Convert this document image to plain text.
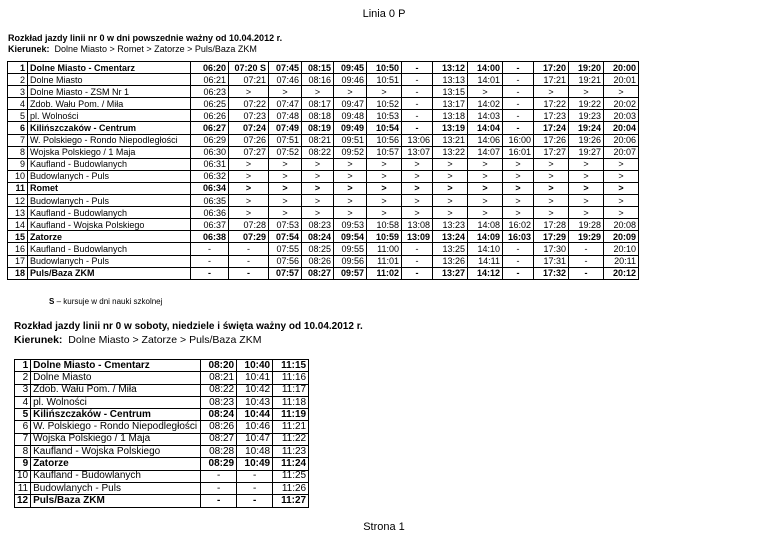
Linia 0 P
Rozkład jazdy linii nr 0 w dni powszednie ważny od 10.04.2012 r.
Kierunek: Dolne Miasto > Romet > Zatorze > Puls/Baza ZKM
1	Dolne Miasto - Cmentarz	06:20	07:20 S	07:45	08:15	09:45	10:50	-	13:12	14:00	-	17:20	19:20	20:00
2	Dolne Miasto	06:21	07:21	07:46	08:16	09:46	10:51	-	13:13	14:01	-	17:21	19:21	20:01
3	Dolne Miasto - ZSM Nr 1	06:23	>	>	>	>	>	-	13:15	>	-	>	>	>
4	Zdob. Wału Pom. / Miła	06:25	07:22	07:47	08:17	09:47	10:52	-	13:17	14:02	-	17:22	19:22	20:02
5	pl. Wolności	06:26	07:23	07:48	08:18	09:48	10:53	-	13:18	14:03	-	17:23	19:23	20:03
6	Kilińszczaków - Centrum	06:27	07:24	07:49	08:19	09:49	10:54	-	13:19	14:04	-	17:24	19:24	20:04
7	W. Polskiego - Rondo Niepodległości	06:29	07:26	07:51	08:21	09:51	10:56	13:06	13:21	14:06	16:00	17:26	19:26	20:06
8	Wojska Polskiego / 1 Maja	06:30	07:27	07:52	08:22	09:52	10:57	13:07	13:22	14:07	16:01	17:27	19:27	20:07
9	Kaufland - Budowlanych	06:31	>	>	>	>	>	>	>	>	>	>	>	>
10	Budowlanych - Puls	06:32	>	>	>	>	>	>	>	>	>	>	>	>
11	Romet	06:34	>	>	>	>	>	>	>	>	>	>	>	>
12	Budowlanych - Puls	06:35	>	>	>	>	>	>	>	>	>	>	>	>
13	Kaufland - Budowlanych	06:36	>	>	>	>	>	>	>	>	>	>	>	>
14	Kaufland - Wojska Polskiego	06:37	07:28	07:53	08:23	09:53	10:58	13:08	13:23	14:08	16:02	17:28	19:28	20:08
15	Zatorze	06:38	07:29	07:54	08:24	09:54	10:59	13:09	13:24	14:09	16:03	17:29	19:29	20:09
16	Kaufland - Budowlanych	-	-	07:55	08:25	09:55	11:00	-	13:25	14:10	-	17:30	-	20:10
17	Budowlanych - Puls	-	-	07:56	08:26	09:56	11:01	-	13:26	14:11	-	17:31	-	20:11
18	Puls/Baza ZKM	-	-	07:57	08:27	09:57	11:02	-	13:27	14:12	-	17:32	-	20:12
S – kursuje w dni nauki szkolnej
Rozkład jazdy linii nr 0 w soboty, niedziele i święta ważny od 10.04.2012 r.
Kierunek: Dolne Miasto > Zatorze > Puls/Baza ZKM
1	Dolne Miasto - Cmentarz	08:20	10:40	11:15
2	Dolne Miasto	08:21	10:41	11:16
3	Zdob. Wału Pom. / Miła	08:22	10:42	11:17
4	pl. Wolności	08:23	10:43	11:18
5	Kilińszczaków - Centrum	08:24	10:44	11:19
6	W. Polskiego - Rondo Niepodległości	08:26	10:46	11:21
7	Wojska Polskiego / 1 Maja	08:27	10:47	11:22
8	Kaufland - Wojska Polskiego	08:28	10:48	11:23
9	Zatorze	08:29	10:49	11:24
10	Kaufland - Budowlanych	-	-	11:25
11	Budowlanych - Puls	-	-	11:26
12	Puls/Baza ZKM	-	-	11:27
Strona 1
